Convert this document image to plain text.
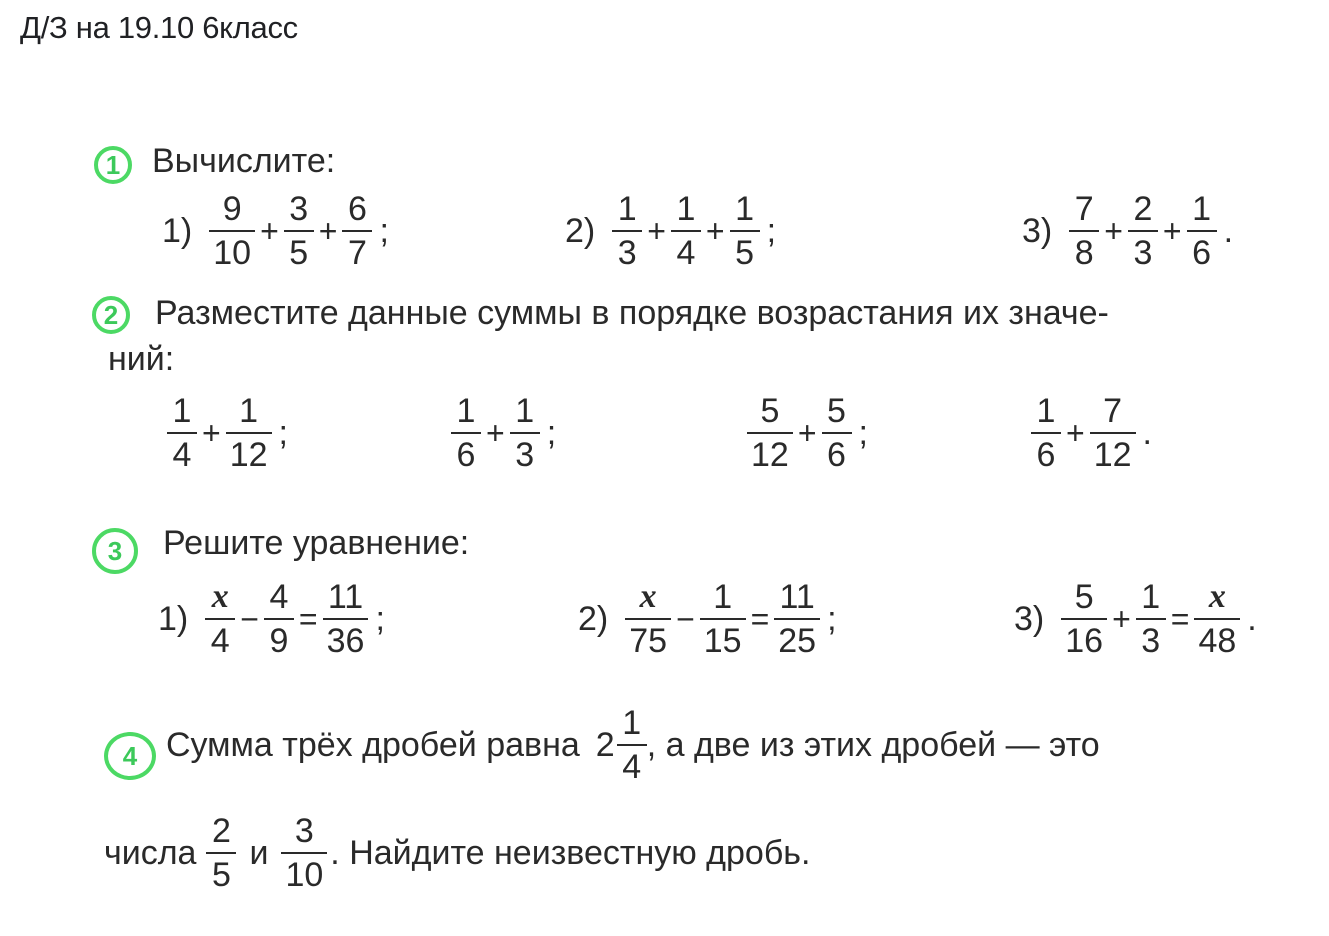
Д/З на 19.10 6класс
1 Вычислите:
$1) \frac{9}{10} + \frac{3}{5} + \frac{6}{7}$ ;	$2) \frac{1}{3} + \frac{1}{4} + \frac{1}{5}$ ;	$3) \frac{7}{8} + \frac{2}{3} + \frac{1}{6}$ .
2 Разместите данные суммы в порядке возрастания их значе-
ний:
$\frac{1}{4} + \frac{1}{12}$ ;	$\frac{1}{6} + \frac{1}{3}$ ;	$\frac{5}{12} + \frac{5}{6}$ ;	$\frac{1}{6} + \frac{7}{12}$ .
3 Решите уравнение:
$1) \frac{x}{4} - \frac{4}{9} = \frac{11}{36}$ ;	$2) \frac{x}{75} - \frac{1}{15} = \frac{11}{25}$ ;	$3) \frac{5}{16} + \frac{1}{3} = \frac{x}{48}$ .
4 Сумма трёх дробей равна $2 \frac{1}{4}$ , а две из этих дробей — это
числа $\frac{2}{5}$ и $\frac{3}{10}$ . Найдите неизвестную дробь.
